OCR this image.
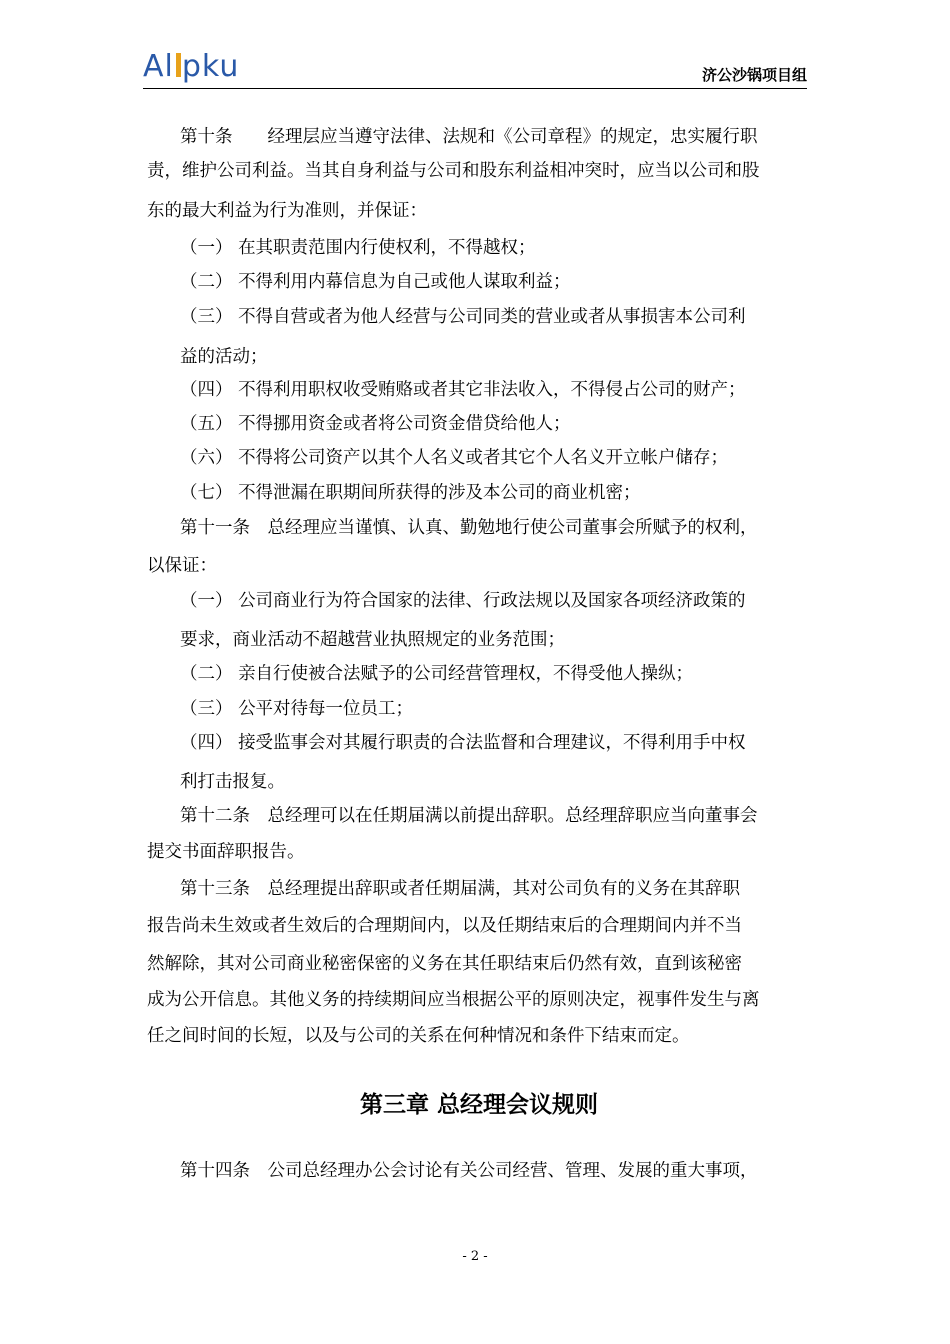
Al pku	济公沙锅项目组
第十条　　经理层应当遵守法律、法规和《公司章程》的规定，忠实履行职
责，维护公司利益。当其自身利益与公司和股东利益相冲突时，应当以公司和股
东的最大利益为行为准则，并保证：
（一） 在其职责范围内行使权利，不得越权；
（二） 不得利用内幕信息为自己或他人谋取利益；
（三） 不得自营或者为他人经营与公司同类的营业或者从事损害本公司利
益的活动；
（四） 不得利用职权收受贿赂或者其它非法收入，不得侵占公司的财产；
（五） 不得挪用资金或者将公司资金借贷给他人；
（六） 不得将公司资产以其个人名义或者其它个人名义开立帐户储存；
（七） 不得泄漏在职期间所获得的涉及本公司的商业机密；
第十一条　总经理应当谨慎、认真、勤勉地行使公司董事会所赋予的权利，
以保证：
（一） 公司商业行为符合国家的法律、行政法规以及国家各项经济政策的
要求，商业活动不超越营业执照规定的业务范围；
（二） 亲自行使被合法赋予的公司经营管理权，不得受他人操纵；
（三） 公平对待每一位员工；
（四） 接受监事会对其履行职责的合法监督和合理建议，不得利用手中权
利打击报复。
第十二条　总经理可以在任期届满以前提出辞职。总经理辞职应当向董事会
提交书面辞职报告。
第十三条　总经理提出辞职或者任期届满，其对公司负有的义务在其辞职
报告尚未生效或者生效后的合理期间内，以及任期结束后的合理期间内并不当
然解除，其对公司商业秘密保密的义务在其任职结束后仍然有效，直到该秘密
成为公开信息。其他义务的持续期间应当根据公平的原则决定，视事件发生与离
任之间时间的长短，以及与公司的关系在何种情况和条件下结束而定。
第三章 总经理会议规则
第十四条　公司总经理办公会讨论有关公司经营、管理、发展的重大事项，
- 2 -
